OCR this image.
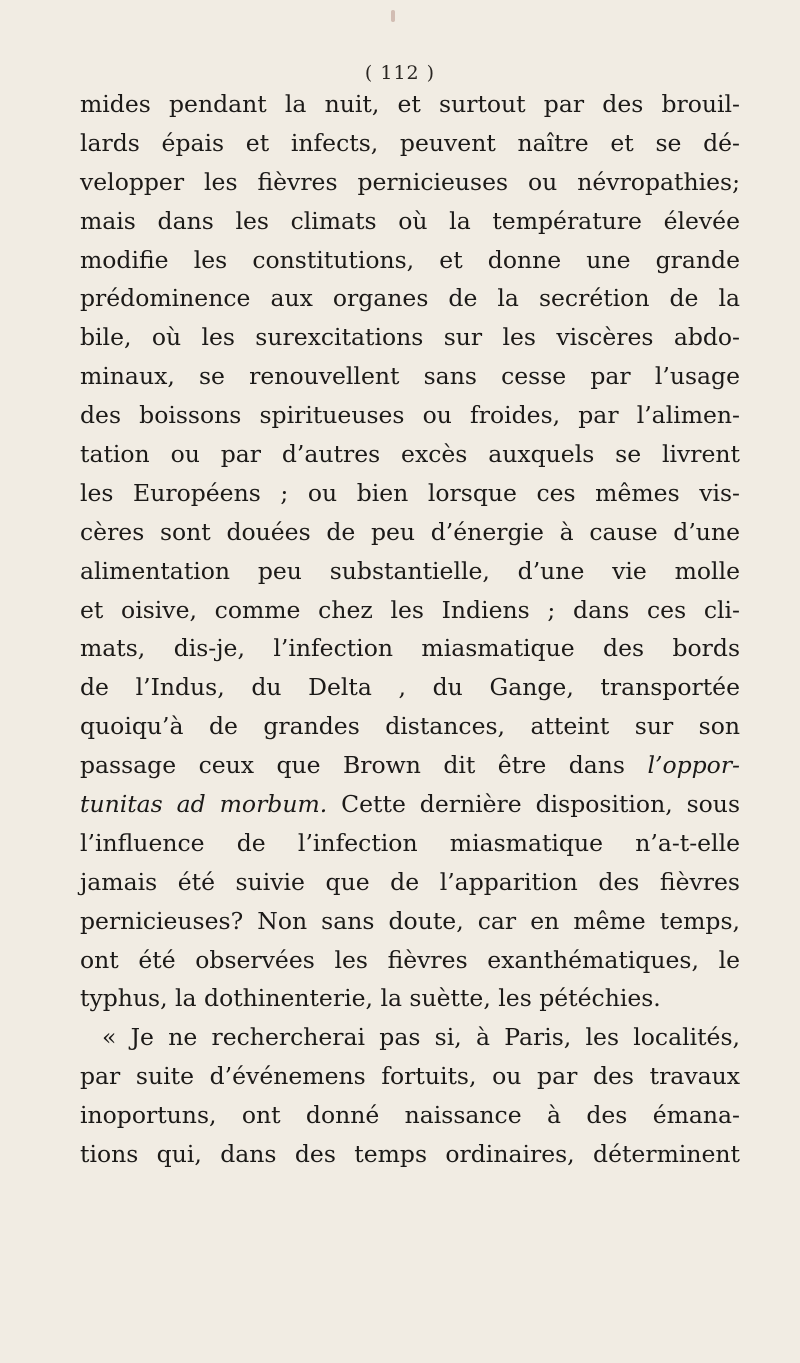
( 112 )
mides pendant la nuit, et surtout par des brouil-
lards épais et infects, peuvent naître et se dé-
velopper les fièvres pernicieuses ou névropathies;
mais dans les climats où la température élevée
modifie les constitutions, et donne une grande
prédominence aux organes de la secrétion de la
bile, où les surexcitations sur les viscères abdo-
minaux, se renouvellent sans cesse par l’usage
des boissons spiritueuses ou froides, par l’alimen-
tation ou par d’autres excès auxquels se livrent
les Européens ; ou bien lorsque ces mêmes vis-
cères sont douées de peu d’énergie à cause d’une
alimentation peu substantielle, d’une vie molle
et oisive, comme chez les Indiens ; dans ces cli-
mats, dis-je, l’infection miasmatique des bords
de l’Indus, du Delta , du Gange, transportée
quoiqu’à de grandes distances, atteint sur son
passage ceux que Brown dit être dans l’oppor-
tunitas ad morbum. Cette dernière disposition, sous
l’influence de l’infection miasmatique n’a-t-elle
jamais été suivie que de l’apparition des fièvres
pernicieuses? Non sans doute, car en même temps,
ont été observées les fièvres exanthématiques, le
typhus, la dothinenterie, la suètte, les pétéchies.
« Je ne rechercherai pas si, à Paris, les localités,
par suite d’événemens fortuits, ou par des travaux
inoportuns, ont donné naissance à des émana-
tions qui, dans des temps ordinaires, déterminent
